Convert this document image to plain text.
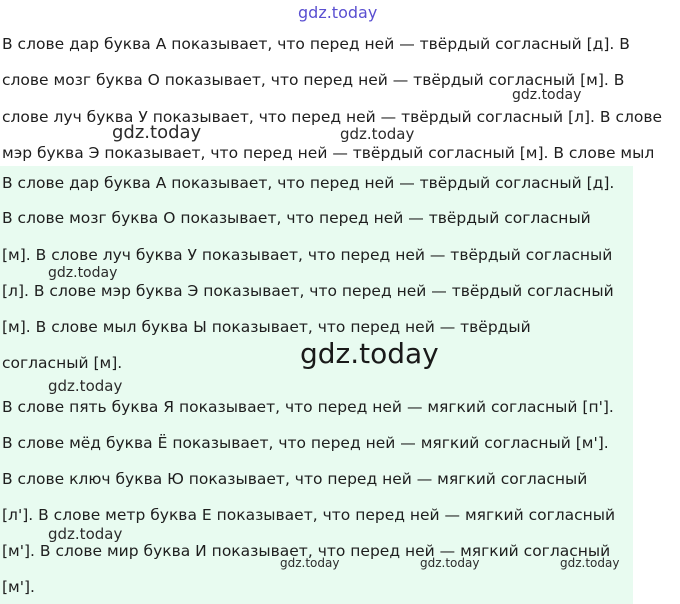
В слове дар буква А показывает, что перед ней — твёрдый согласный [д]. В

слове мозг буква О показывает, что перед ней — твёрдый согласный [м]. В

слове луч буква У показывает, что перед ней — твёрдый согласный [л]. В слове

мэр буква Э показывает, что перед ней — твёрдый согласный [м]. В слове мыл

В слове дар буква А показывает, что перед ней — твёрдый согласный [д].

В слове мозг буква О показывает, что перед ней — твёрдый согласный

[м]. В слове луч буква У показывает, что перед ней — твёрдый согласный

[л]. В слове мэр буква Э показывает, что перед ней — твёрдый согласный

[м]. В слове мыл буква Ы показывает, что перед ней — твёрдый

согласный [м].

В слове пять буква Я показывает, что перед ней — мягкий согласный [п'].

В слове мёд буква Ё показывает, что перед ней — мягкий согласный [м'].

В слове ключ буква Ю показывает, что перед ней — мягкий согласный

[л']. В слове метр буква Е показывает, что перед ней — мягкий согласный

[м']. В слове мир буква И показывает, что перед ней — мягкий согласный

[м'].

gdz.today
gdz.today
gdz.today	gdz.today
gdz.today
gdz.today
gdz.today
gdz.today
gdz.today	gdz.today	gdz.today
